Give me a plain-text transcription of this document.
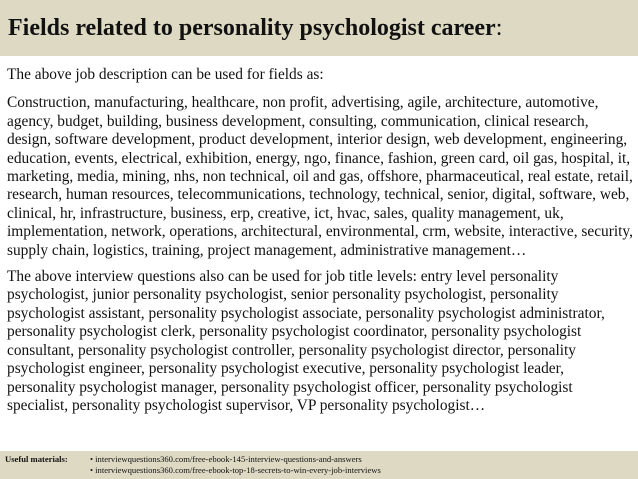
Fields related to personality psychologist career:

The above job description can be used for fields as:

Construction, manufacturing, healthcare, non profit, advertising, agile, architecture, automotive, agency, budget, building, business development, consulting, communication, clinical research, design, software development, product development, interior design, web development, engineering, education, events, electrical, exhibition, energy, ngo, finance, fashion, green card, oil gas, hospital, it, marketing, media, mining, nhs, non technical, oil and gas, offshore, pharmaceutical, real estate, retail, research, human resources, telecommunications, technology, technical, senior, digital, software, web, clinical, hr, infrastructure, business, erp, creative, ict, hvac, sales, quality management, uk, implementation, network, operations, architectural, environmental, crm, website, interactive, security, supply chain, logistics, training, project management, administrative management…

The above interview questions also can be used for job title levels: entry level personality psychologist, junior personality psychologist, senior personality psychologist, personality psychologist assistant, personality psychologist associate, personality psychologist administrator, personality psychologist clerk, personality psychologist coordinator, personality psychologist consultant, personality psychologist controller, personality psychologist director, personality psychologist engineer, personality psychologist executive, personality psychologist leader, personality psychologist manager, personality psychologist officer, personality psychologist specialist, personality psychologist supervisor, VP personality psychologist…

Useful materials:	• interviewquestions360.com/free-ebook-145-interview-questions-and-answers
• interviewquestions360.com/free-ebook-top-18-secrets-to-win-every-job-interviews
